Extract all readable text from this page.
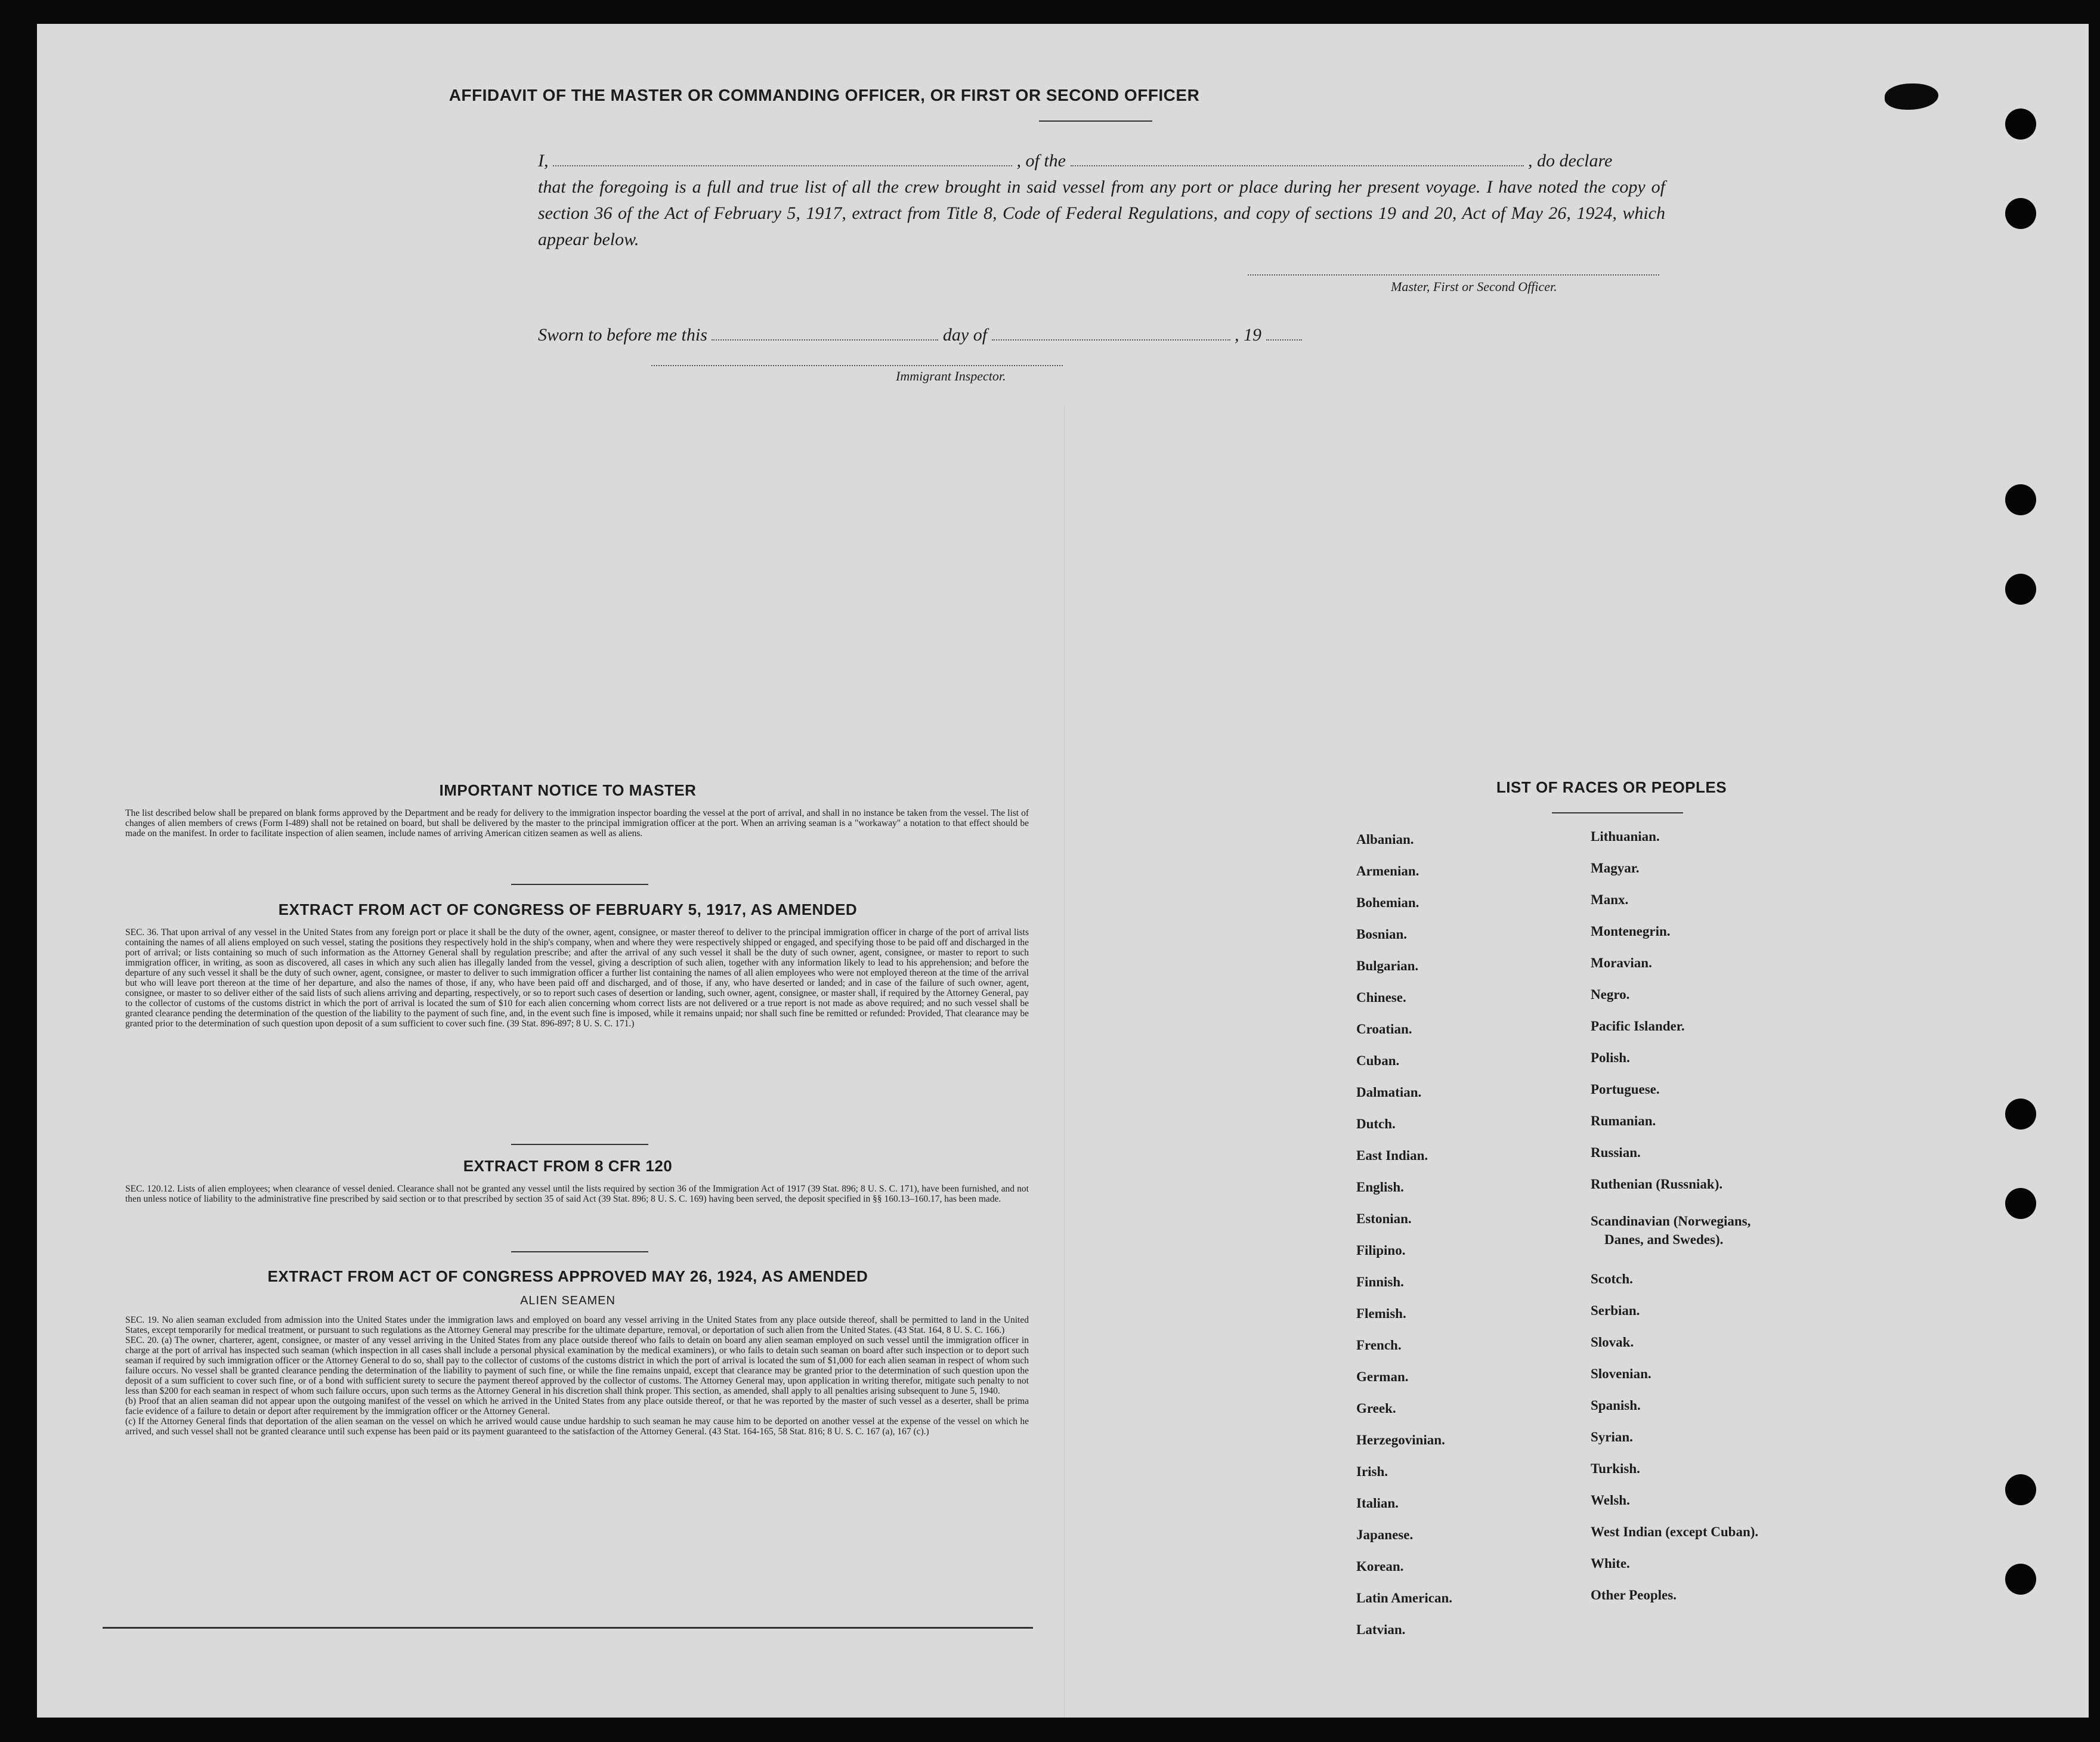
AFFIDAVIT OF THE MASTER OR COMMANDING OFFICER, OR FIRST OR SECOND OFFICER
I,	, of the	, do declare
that the foregoing is a full and true list of all the crew brought in said vessel from any port or place during her present voyage. I have noted the copy of section 36 of the Act of February 5, 1917, extract from Title 8, Code of Federal Regulations, and copy of sections 19 and 20, Act of May 26, 1924, which appear below.
Master, First or Second Officer.
Sworn to before me this	day of	, 19
Immigrant Inspector.
IMPORTANT NOTICE TO MASTER
The list described below shall be prepared on blank forms approved by the Department and be ready for delivery to the immigration inspector boarding the vessel at the port of arrival, and shall in no instance be taken from the vessel. The list of changes of alien members of crews (Form I-489) shall not be retained on board, but shall be delivered by the master to the principal immigration officer at the port. When an arriving seaman is a "workaway" a notation to that effect should be made on the manifest. In order to facilitate inspection of alien seamen, include names of arriving American citizen seamen as well as aliens.
EXTRACT FROM ACT OF CONGRESS OF FEBRUARY 5, 1917, AS AMENDED
SEC. 36. That upon arrival of any vessel in the United States from any foreign port or place it shall be the duty of the owner, agent, consignee, or master thereof to deliver to the principal immigration officer in charge of the port of arrival lists containing the names of all aliens employed on such vessel, stating the positions they respectively hold in the ship's company, when and where they were respectively shipped or engaged, and specifying those to be paid off and discharged in the port of arrival; or lists containing so much of such information as the Attorney General shall by regulation prescribe; and after the arrival of any such vessel it shall be the duty of such owner, agent, consignee, or master to report to such immigration officer, in writing, as soon as discovered, all cases in which any such alien has illegally landed from the vessel, giving a description of such alien, together with any information likely to lead to his apprehension; and before the departure of any such vessel it shall be the duty of such owner, agent, consignee, or master to deliver to such immigration officer a further list containing the names of all alien employees who were not employed thereon at the time of the arrival but who will leave port thereon at the time of her departure, and also the names of those, if any, who have been paid off and discharged, and of those, if any, who have deserted or landed; and in case of the failure of such owner, agent, consignee, or master to so deliver either of the said lists of such aliens arriving and departing, respectively, or so to report such cases of desertion or landing, such owner, agent, consignee, or master shall, if required by the Attorney General, pay to the collector of customs of the customs district in which the port of arrival is located the sum of $10 for each alien concerning whom correct lists are not delivered or a true report is not made as above required; and no such vessel shall be granted clearance pending the determination of the question of the liability to the payment of such fine, and, in the event such fine is imposed, while it remains unpaid; nor shall such fine be remitted or refunded: Provided, That clearance may be granted prior to the determination of such question upon deposit of a sum sufficient to cover such fine. (39 Stat. 896-897; 8 U. S. C. 171.)
EXTRACT FROM 8 CFR 120
SEC. 120.12. Lists of alien employees; when clearance of vessel denied. Clearance shall not be granted any vessel until the lists required by section 36 of the Immigration Act of 1917 (39 Stat. 896; 8 U. S. C. 171), have been furnished, and not then unless notice of liability to the administrative fine prescribed by said section or to that prescribed by section 35 of said Act (39 Stat. 896; 8 U. S. C. 169) having been served, the deposit specified in §§ 160.13–160.17, has been made.
EXTRACT FROM ACT OF CONGRESS APPROVED MAY 26, 1924, AS AMENDED
ALIEN SEAMEN
SEC. 19. No alien seaman excluded from admission into the United States under the immigration laws and employed on board any vessel arriving in the United States from any place outside thereof, shall be permitted to land in the United States, except temporarily for medical treatment, or pursuant to such regulations as the Attorney General may prescribe for the ultimate departure, removal, or deportation of such alien from the United States. (43 Stat. 164, 8 U. S. C. 166.)
SEC. 20. (a) The owner, charterer, agent, consignee, or master of any vessel arriving in the United States from any place outside thereof who fails to detain on board any alien seaman employed on such vessel until the immigration officer in charge at the port of arrival has inspected such seaman (which inspection in all cases shall include a personal physical examination by the medical examiners), or who fails to detain such seaman on board after such inspection or to deport such seaman if required by such immigration officer or the Attorney General to do so, shall pay to the collector of customs of the customs district in which the port of arrival is located the sum of $1,000 for each alien seaman in respect of whom such failure occurs. No vessel shall be granted clearance pending the determination of the liability to payment of such fine, or while the fine remains unpaid, except that clearance may be granted prior to the determination of such question upon the deposit of a sum sufficient to cover such fine, or of a bond with sufficient surety to secure the payment thereof approved by the collector of customs. The Attorney General may, upon application in writing therefor, mitigate such penalty to not less than $200 for each seaman in respect of whom such failure occurs, upon such terms as the Attorney General in his discretion shall think proper. This section, as amended, shall apply to all penalties arising subsequent to June 5, 1940.
(b) Proof that an alien seaman did not appear upon the outgoing manifest of the vessel on which he arrived in the United States from any place outside thereof, or that he was reported by the master of such vessel as a deserter, shall be prima facie evidence of a failure to detain or deport after requirement by the immigration officer or the Attorney General.
(c) If the Attorney General finds that deportation of the alien seaman on the vessel on which he arrived would cause undue hardship to such seaman he may cause him to be deported on another vessel at the expense of the vessel on which he arrived, and such vessel shall not be granted clearance until such expense has been paid or its payment guaranteed to the satisfaction of the Attorney General. (43 Stat. 164-165, 58 Stat. 816; 8 U. S. C. 167 (a), 167 (c).)
LIST OF RACES OR PEOPLES
Albanian.
Armenian.
Bohemian.
Bosnian.
Bulgarian.
Chinese.
Croatian.
Cuban.
Dalmatian.
Dutch.
East Indian.
English.
Estonian.
Filipino.
Finnish.
Flemish.
French.
German.
Greek.
Herzegovinian.
Irish.
Italian.
Japanese.
Korean.
Latin American.
Latvian.
Lithuanian.
Magyar.
Manx.
Montenegrin.
Moravian.
Negro.
Pacific Islander.
Polish.
Portuguese.
Rumanian.
Russian.
Ruthenian (Russniak).
Scandinavian (Norwegians,
Danes, and Swedes).
Scotch.
Serbian.
Slovak.
Slovenian.
Spanish.
Syrian.
Turkish.
Welsh.
West Indian (except Cuban).
White.
Other Peoples.
